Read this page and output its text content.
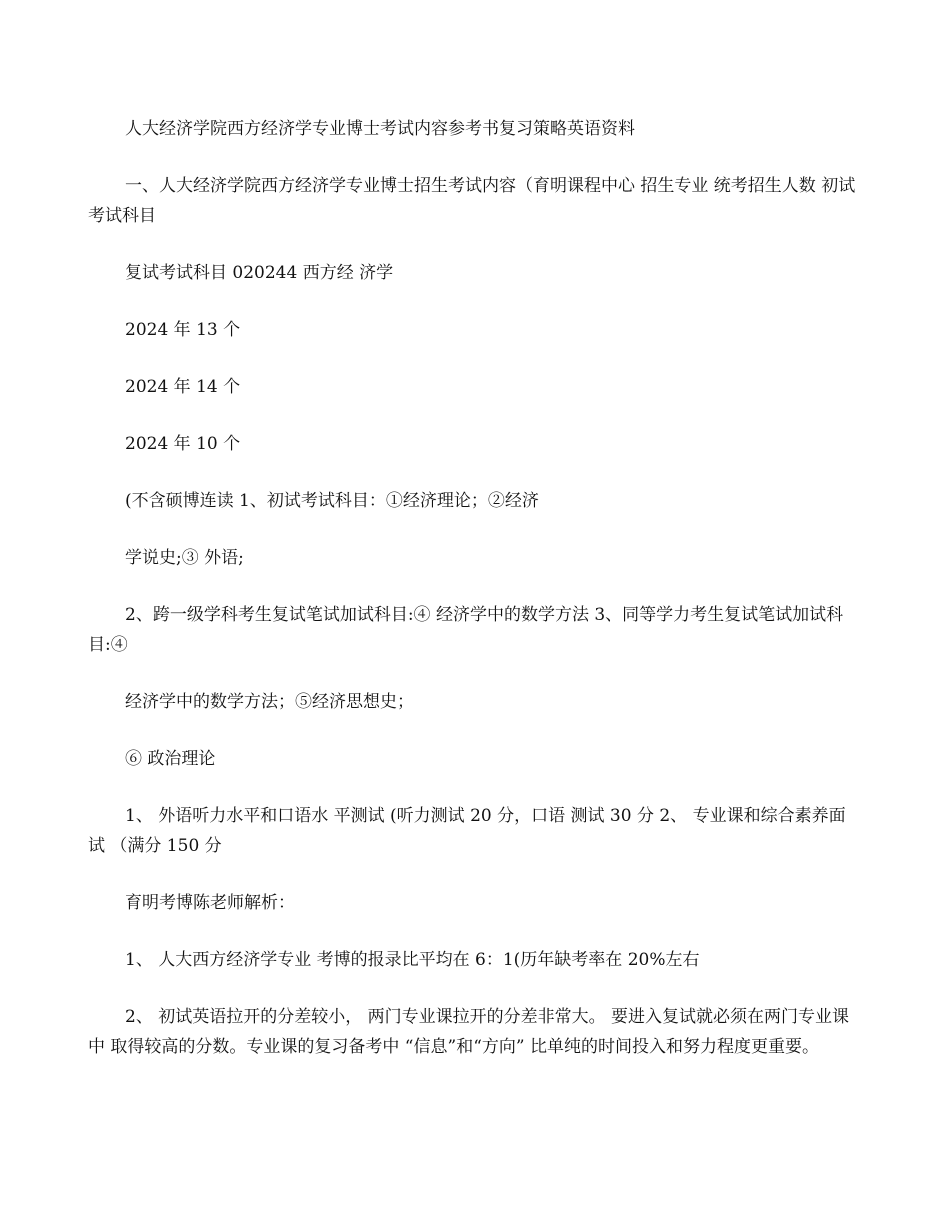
人大经济学院西方经济学专业博士考试内容参考书复习策略英语资料

一、人大经济学院西方经济学专业博士招生考试内容（育明课程中心 招生专业 统考招生人数 初试考试科目

复试考试科目 020244 西方经 济学

2024 年 13 个

2024 年 14 个

2024 年 10 个

(不含硕博连读 1、初试考试科目：①经济理论；②经济

学说史;③ 外语;

2、跨一级学科考生复试笔试加试科目:④ 经济学中的数学方法 3、同等学力考生复试笔试加试科目:④

经济学中的数学方法；⑤经济思想史；

⑥ 政治理论

1、 外语听力水平和口语水 平测试 (听力测试 20 分，口语 测试 30 分 2、 专业课和综合素养面试 （满分 150 分

育明考博陈老师解析：

1、 人大西方经济学专业 考博的报录比平均在 6：1(历年缺考率在 20%左右

2、 初试英语拉开的分差较小， 两门专业课拉开的分差非常大。 要进入复试就必须在两门专业课中 取得较高的分数。专业课的复习备考中 “信息”和“方向” 比单纯的时间投入和努力程度更重要。
